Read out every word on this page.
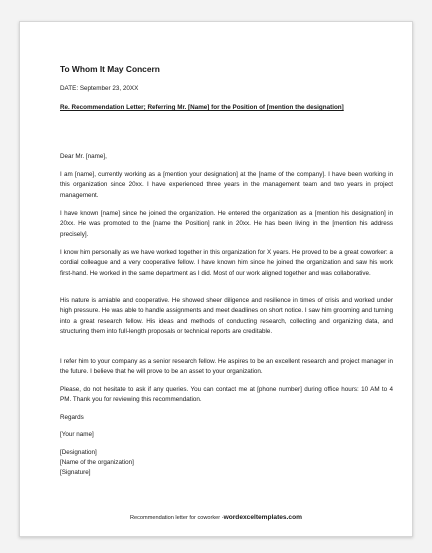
To Whom It May Concern
DATE: September 23, 20XX
Re. Recommendation Letter; Referring Mr. [Name] for the Position of [mention the designation]
Dear Mr. [name],

I am [name], currently working as a [mention your designation] at the [name of the company]. I have been working in this organization since 20xx. I have experienced three years in the management team and two years in project management.

I have known [name] since he joined the organization. He entered the organization as a [mention his designation] in 20xx. He was promoted to the [name the Position] rank in 20xx. He has been living in the [mention his address precisely].

I know him personally as we have worked together in this organization for X years. He proved to be a great coworker: a cordial colleague and a very cooperative fellow. I have known him since he joined the organization and saw his work first-hand. He worked in the same department as I did. Most of our work aligned together and was collaborative.

His nature is amiable and cooperative. He showed sheer diligence and resilience in times of crisis and worked under high pressure. He was able to handle assignments and meet deadlines on short notice. I saw him grooming and turning into a great research fellow. His ideas and methods of conducting research, collecting and organizing data, and structuring them into full-length proposals or technical reports are creditable.

I refer him to your company as a senior research fellow. He aspires to be an excellent research and project manager in the future. I believe that he will prove to be an asset to your organization.

Please, do not hesitate to ask if any queries. You can contact me at [phone number] during office hours: 10 AM to 4 PM. Thank you for reviewing this recommendation.

Regards
[Your name]
[Designation]
[Name of the organization]
[Signature]
Recommendation letter for coworker -wordexceltemplates.com
